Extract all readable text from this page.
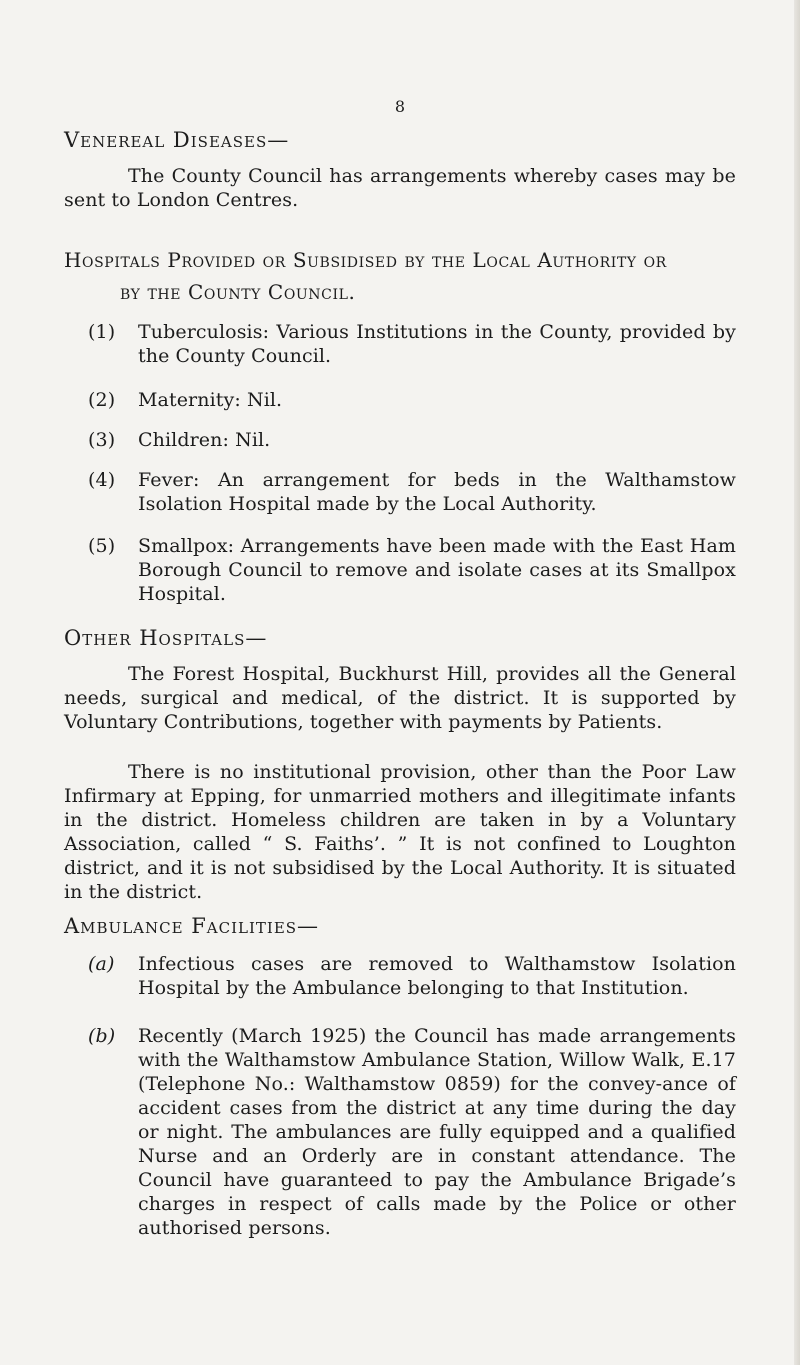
8
Venereal Diseases—

The County Council has arrangements whereby cases may be sent to London Centres.

Hospitals Provided or Subsidised by the Local Authority or
by the County Council.
(1)	Tuberculosis: Various Institutions in the County, provided by the County Council.
(2)	Maternity: Nil.
(3)	Children: Nil.
(4)	Fever: An arrangement for beds in the Walthamstow Isolation Hospital made by the Local Authority.
(5)	Smallpox: Arrangements have been made with the East Ham Borough Council to remove and isolate cases at its Smallpox Hospital.
Other Hospitals—

The Forest Hospital, Buckhurst Hill, provides all the General needs, surgical and medical, of the district. It is supported by Voluntary Contributions, together with payments by Patients.

There is no institutional provision, other than the Poor Law Infirmary at Epping, for unmarried mothers and illegitimate infants in the district. Homeless children are taken in by a Voluntary Association, called “ S. Faiths’. ” It is not confined to Loughton district, and it is not subsidised by the Local Authority. It is situated in the district.

Ambulance Facilities—
(a)	Infectious cases are removed to Walthamstow Isolation Hospital by the Ambulance belonging to that Institution.
(b)	Recently (March 1925) the Council has made arrangements with the Walthamstow Ambulance Station, Willow Walk, E.17 (Telephone No.: Walthamstow 0859) for the convey-ance of accident cases from the district at any time during the day or night. The ambulances are fully equipped and a qualified Nurse and an Orderly are in constant attendance. The Council have guaranteed to pay the Ambulance Brigade’s charges in respect of calls made by the Police or other authorised persons.
